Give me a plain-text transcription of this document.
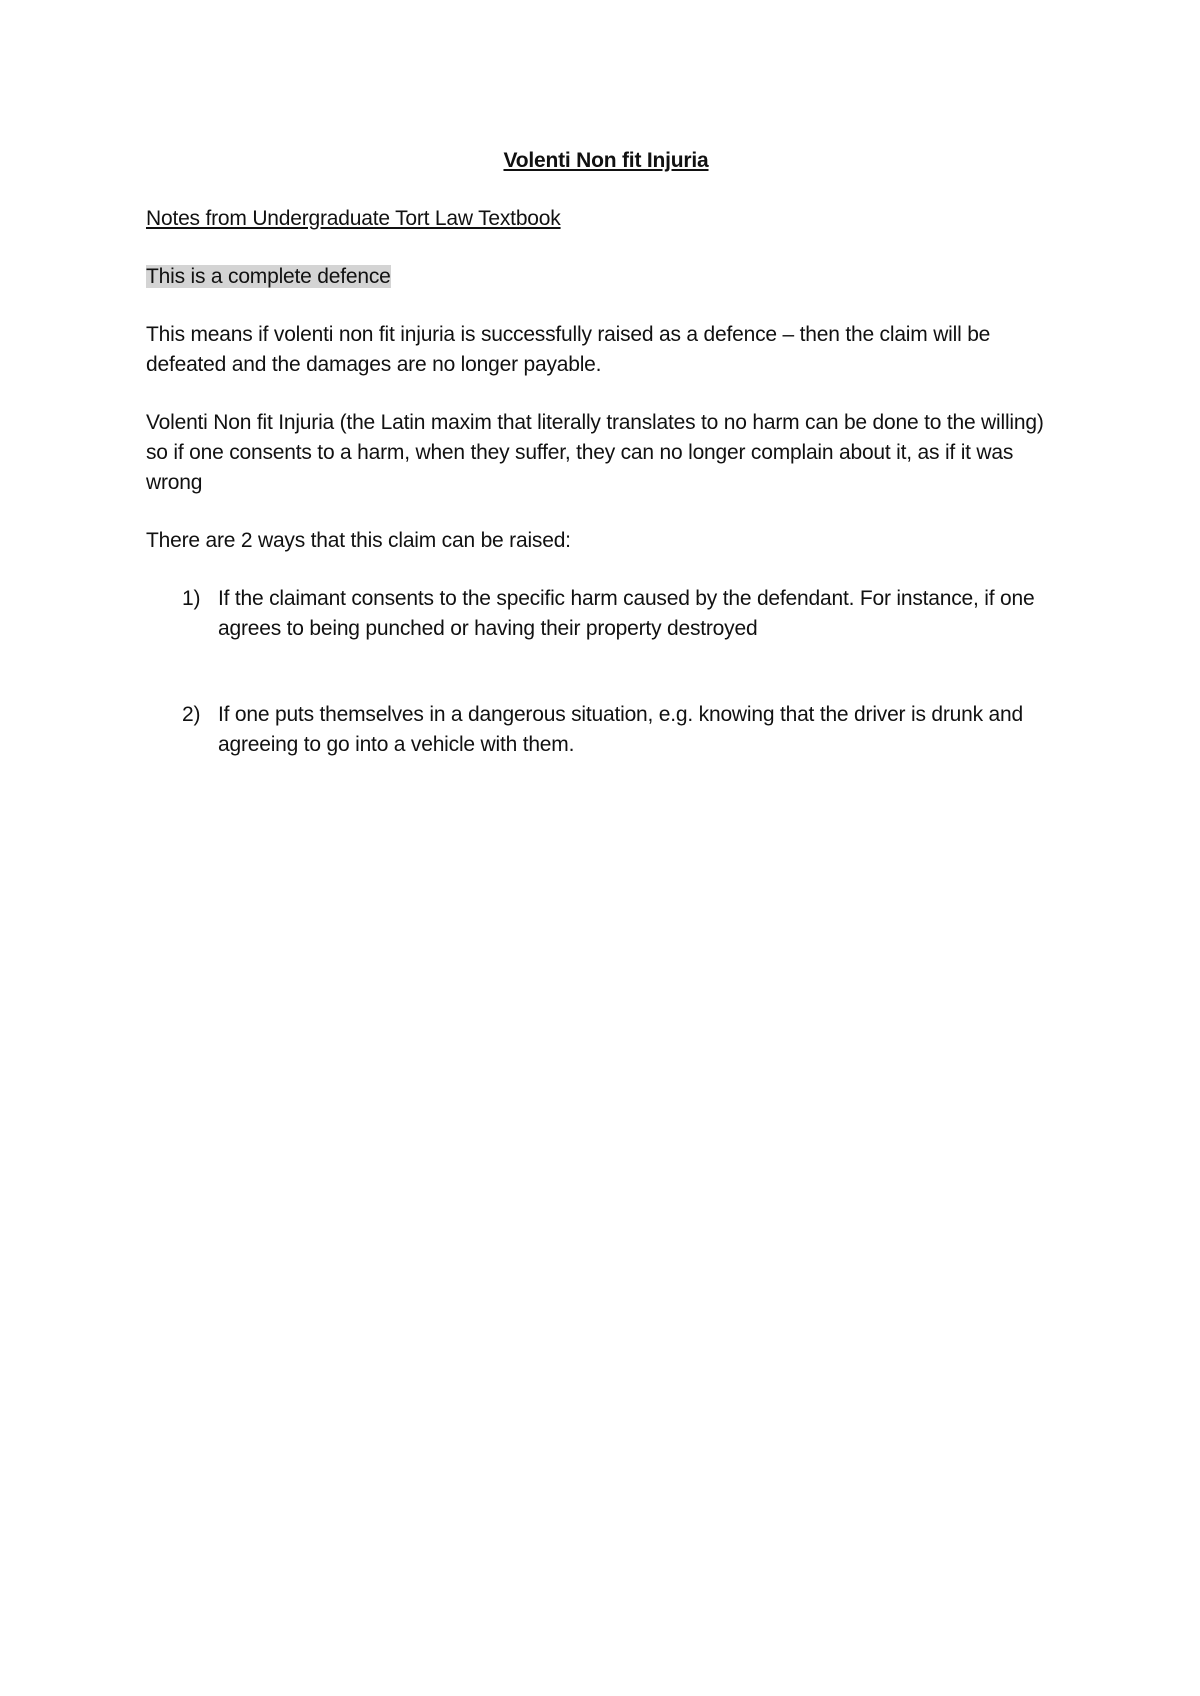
Volenti Non fit Injuria
Notes from Undergraduate Tort Law Textbook
This is a complete defence

This means if volenti non fit injuria is successfully raised as a defence – then the claim will be defeated and the damages are no longer payable.

Volenti Non fit Injuria (the Latin maxim that literally translates to no harm can be done to the willing) so if one consents to a harm, when they suffer, they can no longer complain about it, as if it was wrong

There are 2 ways that this claim can be raised:

1) If the claimant consents to the specific harm caused by the defendant. For instance, if one agrees to being punched or having their property destroyed
2) If one puts themselves in a dangerous situation, e.g. knowing that the driver is drunk and agreeing to go into a vehicle with them.
